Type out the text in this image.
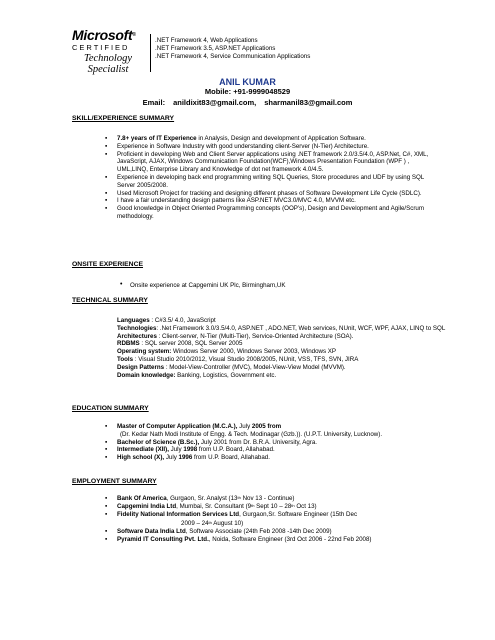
Microsoft®
CERTIFIED
Technology
Specialist
.NET Framework 4, Web Applications
.NET Framework 3.5, ASP.NET Applications
.NET Framework 4, Service Communication Applications
ANIL KUMAR
Mobile: +91-9999048529
Email: anildixit83@gmail.com, sharmanil83@gmail.com
SKILL/EXPERIENCE SUMMARY
▪ 7.8+ years of IT Experience in Analysis, Design and development of Application Software.
▪ Experience in Software Industry with good understanding client-Server (N-Tier) Architecture.
▪ Proficient in developing Web and Client Server applications using .NET framework 2.0/3.5/4.0, ASP.Net, C#, XML, JavaScript, AJAX, Windows Communication Foundation(WCF),Windows Presentation Foundation (WPF ) , UML,LINQ, Enterprise Library and Knowledge of dot net framework 4.0/4.5.
▪ Experience in developing back end programming writing SQL Queries, Store procedures and UDF by using SQL Server 2005/2008.
▪ Used Microsoft Project for tracking and designing different phases of Software Development Life Cycle (SDLC).
▪ I have a fair understanding design patterns like ASP.NET MVC3.0/MVC 4.0, MVVM etc.
▪ Good knowledge in Object Oriented Programming concepts (OOP’s), Design and Development and Agile/Scrum methodology.
ONSITE EXPERIENCE
• Onsite experience at Capgemini UK Plc, Birmingham,UK
TECHNICAL SUMMARY
Languages : C#3.5/ 4.0, JavaScript
Technologies: .Net Framework 3.0/3.5/4.0, ASP.NET , ADO.NET, Web services, NUnit, WCF, WPF, AJAX, LINQ to SQL
Architectures : Client-server, N-Tier (Multi-Tier), Service-Oriented Architecture (SOA).
RDBMS : SQL server 2008, SQL Server 2005
Operating system: Windows Server 2000, Windows Server 2003, Windows XP
Tools : Visual Studio 2010/2012, Visual Studio 2008/2005, NUnit, VSS, TFS, SVN, JIRA
Design Patterns : Model-View-Controller (MVC), Model-View-View Model (MVVM).
Domain knowledge: Banking, Logistics, Government etc.
EDUCATION SUMMARY
▪ Master of Computer Application (M.C.A.), July 2005 from
(Dr. Kedar Nath Modi Institute of Engg. & Tech. Modinagar (Gzb.)). (U.P.T. University, Lucknow).
▪ Bachelor of Science (B.Sc.), July 2001 from Dr. B.R.A. University, Agra.
▪ Intermediate (XII), July 1998 from U.P. Board, Allahabad.
▪ High school (X), July 1996 from U.P. Board, Allahabad.
EMPLOYMENT SUMMARY
▪ Bank Of America, Gurgaon, Sr. Analyst (13th Nov 13 - Continue)
▪ Capgemini India Ltd, Mumbai, Sr. Consultant (9th Sept 10 – 28th Oct 13)
▪ Fidelity National Information Services Ltd, Gurgaon,Sr. Software Engineer (15th Dec
2009 – 24th August 10)
▪ Software Data India Ltd, Software Associate (24th Feb 2008 -14th Dec 2009)
▪ Pyramid IT Consulting Pvt. Ltd., Noida, Software Engineer (3rd Oct 2006 - 22nd Feb 2008)
